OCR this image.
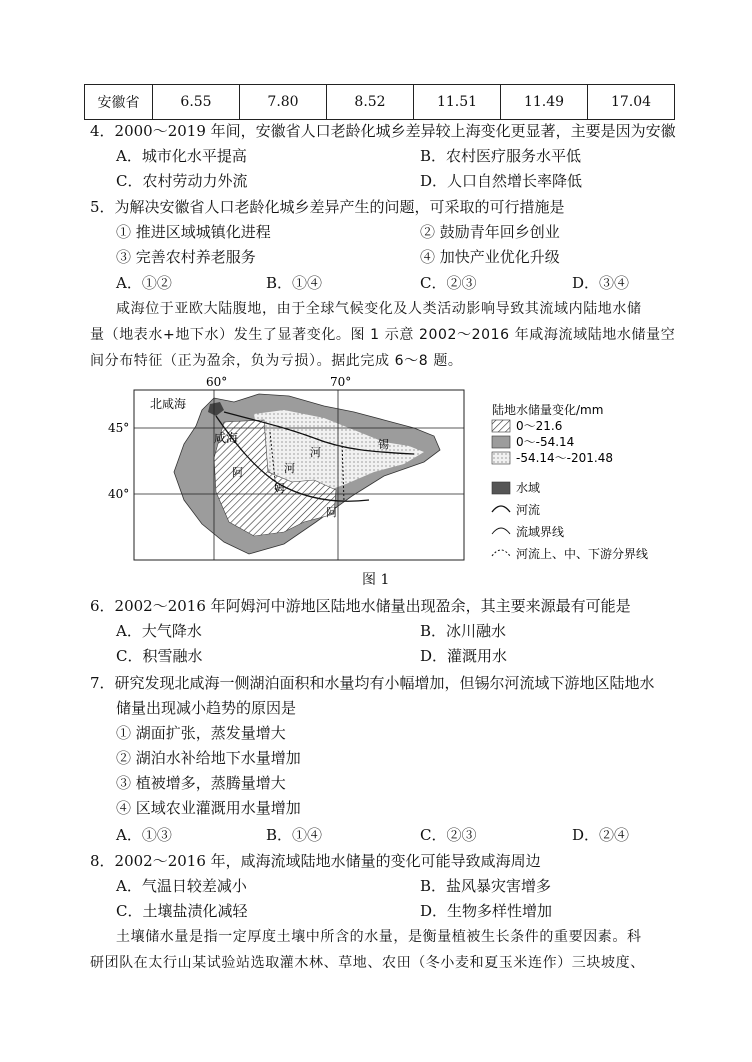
安徽省	6.55	7.80	8.52	11.51	11.49	17.04
4．2000～2019 年间，安徽省人口老龄化城乡差异较上海变化更显著，主要是因为安徽
A．城市化水平提高	B．农村医疗服务水平低
C．农村劳动力外流	D．人口自然增长率降低
5．为解决安徽省人口老龄化城乡差异产生的问题，可采取的可行措施是
① 推进区域城镇化进程	② 鼓励青年回乡创业
③ 完善农村养老服务	④ 加快产业优化升级
A．①②	B．①④	C．②③	D．③④
咸海位于亚欧大陆腹地，由于全球气候变化及人类活动影响导致其流域内陆地水储
量（地表水+地下水）发生了显著变化。图 1 示意 2002～2016 年咸海流域陆地水储量空
间分布特征（正为盈余，负为亏损）。据此完成 6～8 题。
60°	70°
45°
40°
北咸海
咸海
河
锡
阿
姆
阿
河
陆地水储量变化/mm
0～21.6
0～-54.14
-54.14～-201.48
水域
河流
流域界线
河流上、中、下游分界线
图 1
6．2002～2016 年阿姆河中游地区陆地水储量出现盈余，其主要来源最有可能是
A．大气降水	B．冰川融水
C．积雪融水	D．灌溉用水
7．研究发现北咸海一侧湖泊面积和水量均有小幅增加，但锡尔河流域下游地区陆地水
储量出现减小趋势的原因是
① 湖面扩张，蒸发量增大
② 湖泊水补给地下水量增加
③ 植被增多，蒸腾量增大
④ 区域农业灌溉用水量增加
A．①③	B．①④	C．②③	D．②④
8．2002～2016 年，咸海流域陆地水储量的变化可能导致咸海周边
A．气温日较差减小	B．盐风暴灾害增多
C．土壤盐渍化减轻	D．生物多样性增加
土壤储水量是指一定厚度土壤中所含的水量，是衡量植被生长条件的重要因素。科
研团队在太行山某试验站选取灌木林、草地、农田（冬小麦和夏玉米连作）三块坡度、
